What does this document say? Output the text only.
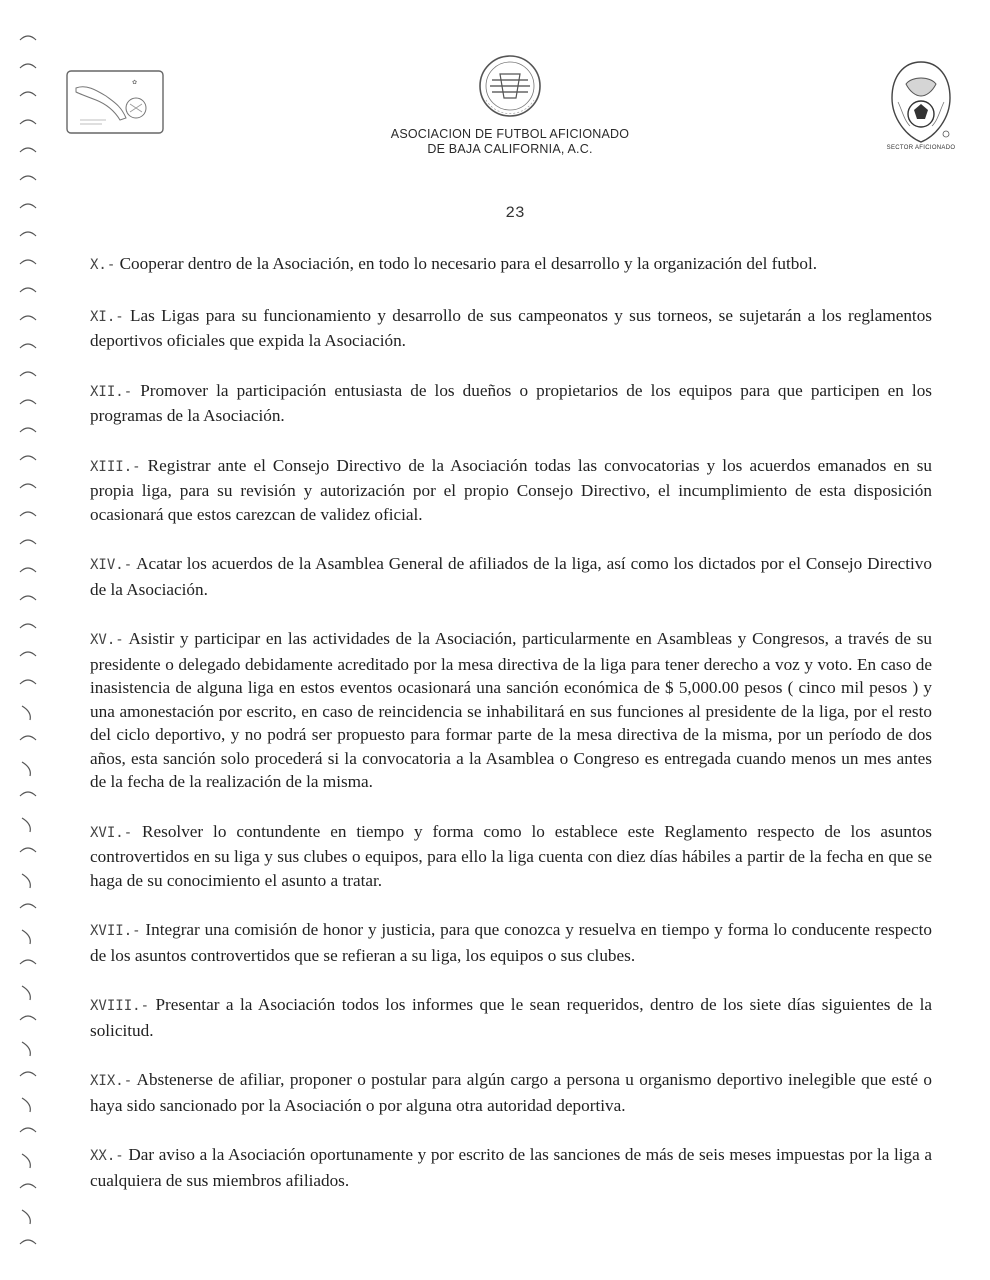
✿
SECTOR AFICIONADO
ASOCIACION DE FUTBOL AFICIONADO
DE BAJA CALIFORNIA, A.C.
23

X.- Cooperar dentro de la Asociación, en todo lo necesario para el desarrollo y la organización del futbol.

XI.- Las Ligas para su funcionamiento y desarrollo de sus campeonatos y sus torneos, se sujetarán a los reglamentos deportivos oficiales que expida la Asociación.

XII.- Promover la participación entusiasta de los dueños o propietarios de los equipos para que participen en los programas de la Asociación.

XIII.- Registrar ante el Consejo Directivo de la Asociación todas las convocatorias y los acuerdos emanados en su propia liga, para su revisión y autorización por el propio Consejo Directivo, el incumplimiento de esta disposición ocasionará que estos carezcan de validez oficial.

XIV.- Acatar los acuerdos de la Asamblea General de afiliados de la liga, así como los dictados por el Consejo Directivo de la Asociación.

XV.- Asistir y participar en las actividades de la Asociación, particularmente en Asambleas y Congresos, a través de su presidente o delegado debidamente acreditado por la mesa directiva de la liga para tener derecho a voz y voto. En caso de inasistencia de alguna liga en estos eventos ocasionará una sanción económica de $ 5,000.00 pesos ( cinco mil pesos ) y una amonestación por escrito, en caso de reincidencia se inhabilitará en sus funciones al presidente de la liga, por el resto del ciclo deportivo, y no podrá ser propuesto para formar parte de la mesa directiva de la misma, por un período de dos años, esta sanción solo procederá si la convocatoria a la Asamblea o Congreso es entregada cuando menos un mes antes de la fecha de la realización de la misma.

XVI.- Resolver lo contundente en tiempo y forma como lo establece este Reglamento respecto de los asuntos controvertidos en su liga y sus clubes o equipos, para ello la liga cuenta con diez días hábiles a partir de la fecha en que se haga de su conocimiento el asunto a tratar.

XVII.- Integrar una comisión de honor y justicia, para que conozca y resuelva en tiempo y forma lo conducente respecto de los asuntos controvertidos que se refieran a su liga, los equipos o sus clubes.

XVIII.- Presentar a la Asociación todos los informes que le sean requeridos, dentro de los siete días siguientes de la solicitud.

XIX.- Abstenerse de afiliar, proponer o postular para algún cargo a persona u organismo deportivo inelegible que esté o haya sido sancionado por la Asociación o por alguna otra autoridad deportiva.

XX.- Dar aviso a la Asociación oportunamente y por escrito de las sanciones de más de seis meses impuestas por la liga a cualquiera de sus miembros afiliados.
